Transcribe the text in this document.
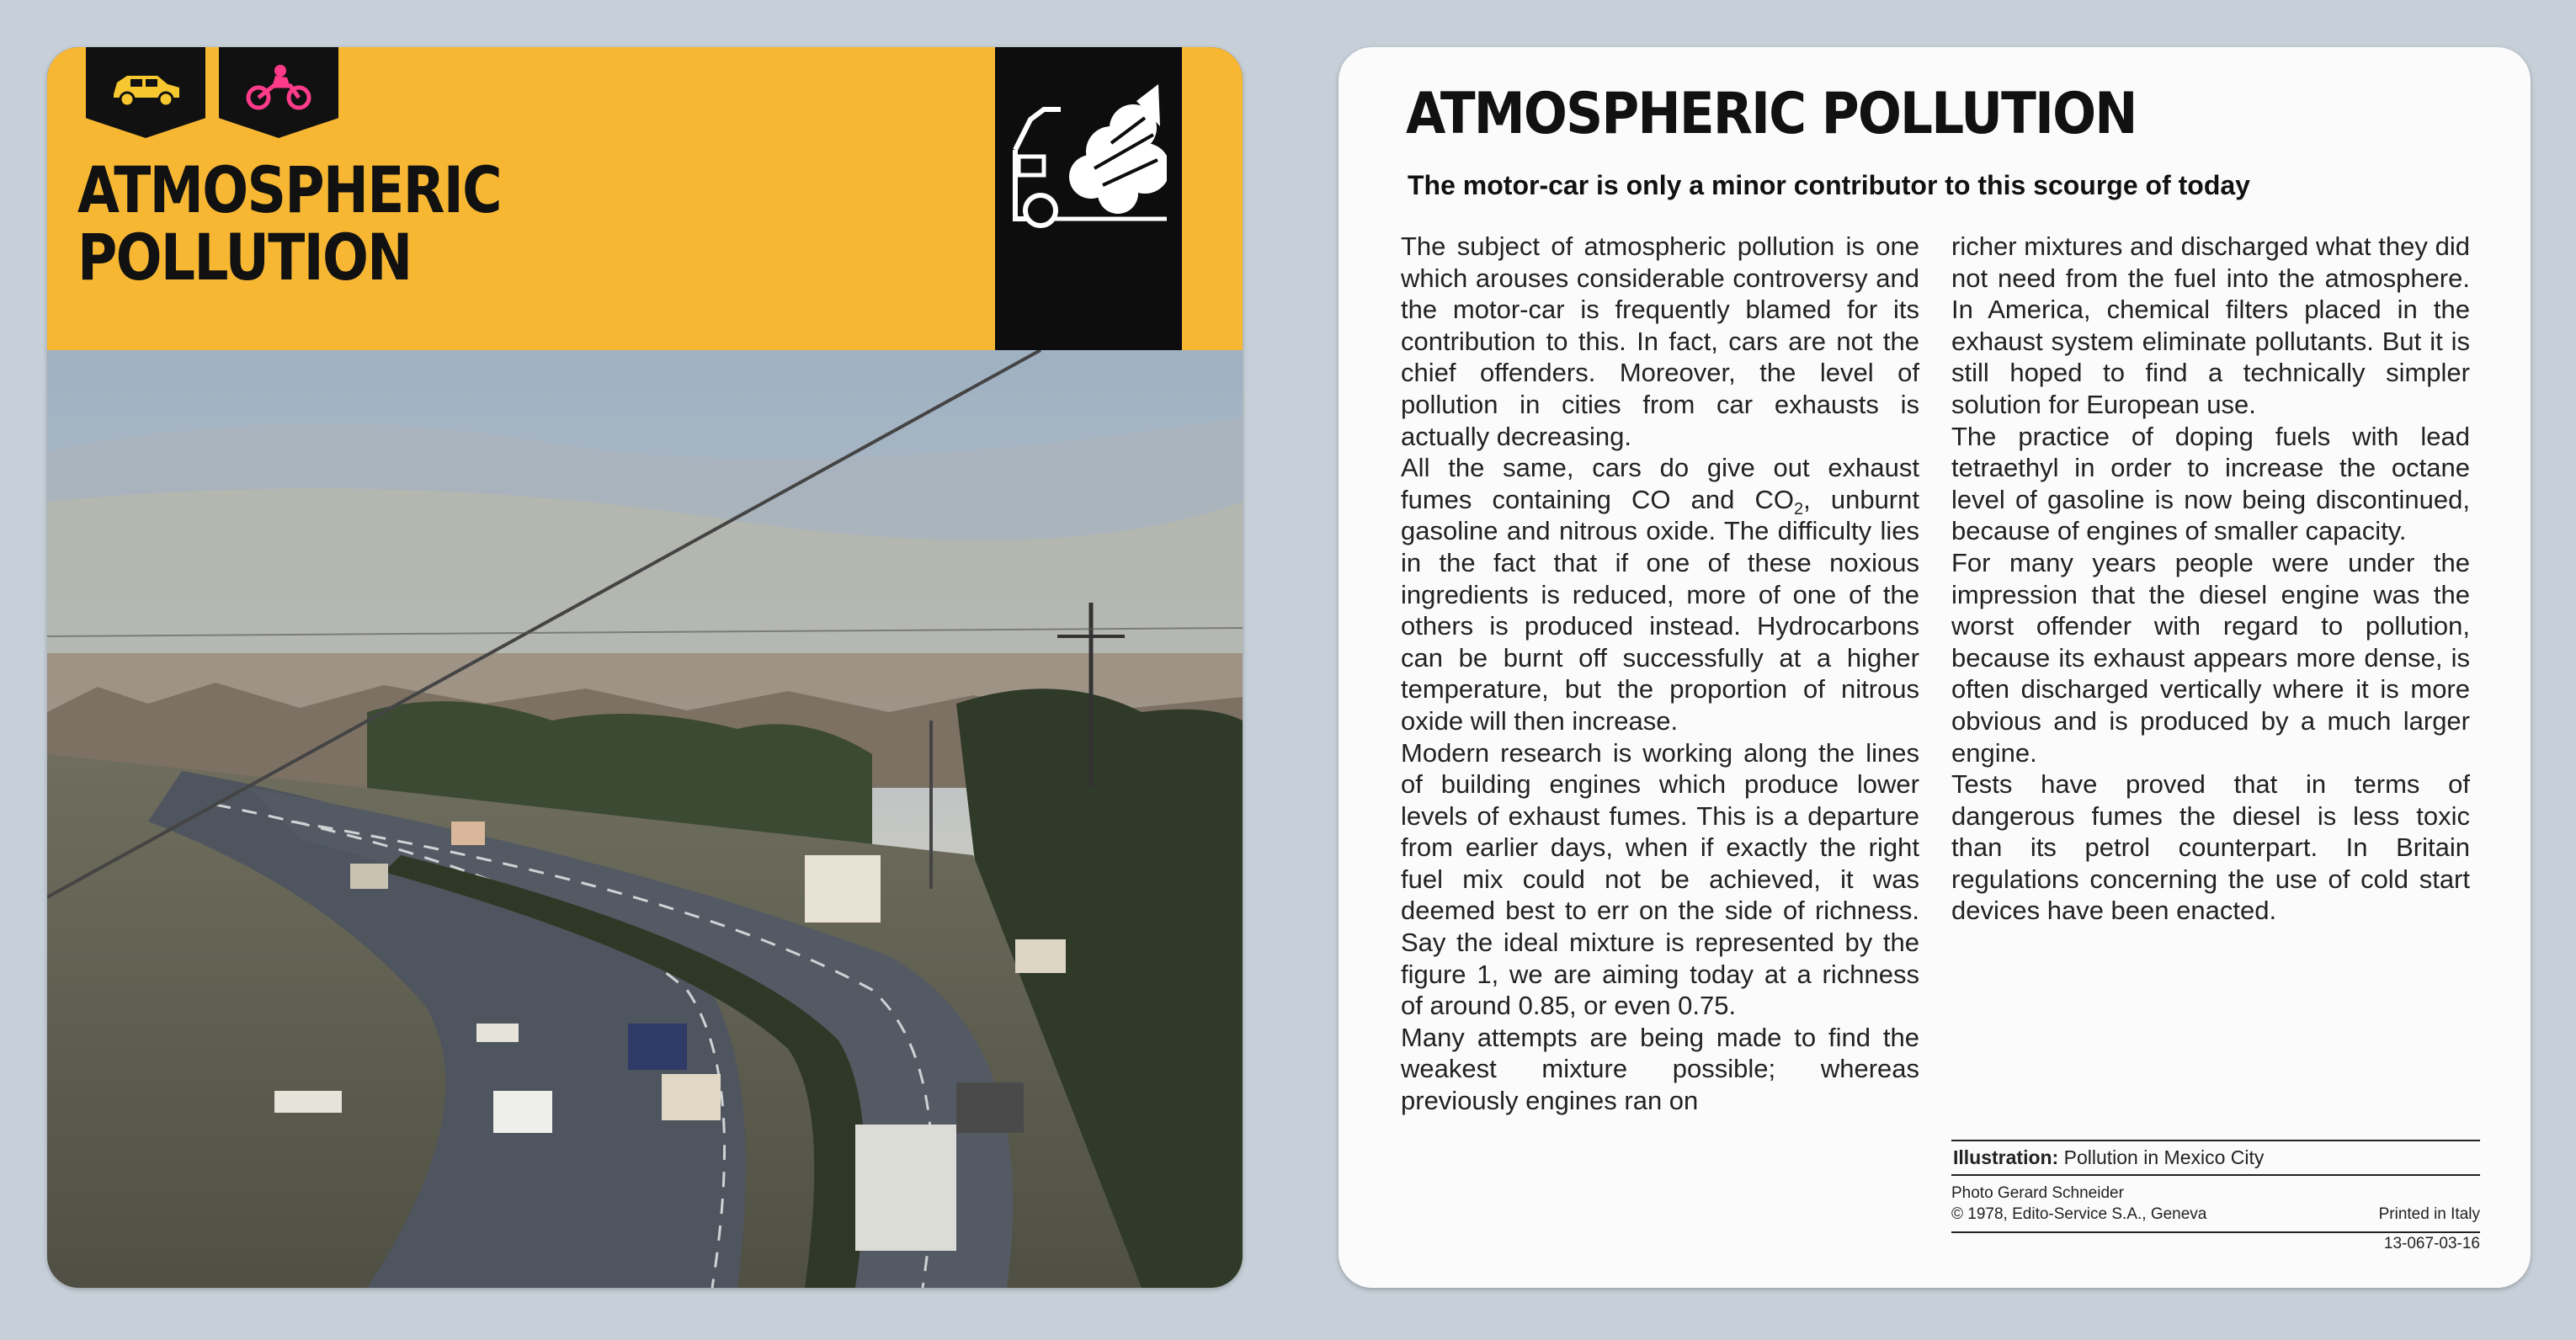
ATMOSPHERIC
POLLUTION
ATMOSPHERIC POLLUTION
The motor-car is only a minor contributor to this scourge of today

The subject of atmospheric pollution is one which arouses considerable controversy and the motor-car is frequently blamed for its contribution to this. In fact, cars are not the chief offenders. Moreover, the level of pollution in cities from car exhausts is actually decreasing.

All the same, cars do give out exhaust fumes containing CO and $CO_2$, unburnt gasoline and nitrous oxide. The difficulty lies in the fact that if one of these noxious ingredients is reduced, more of one of the others is produced instead. Hydrocarbons can be burnt off successfully at a higher temperature, but the proportion of nitrous oxide will then increase.

Modern research is working along the lines of building engines which produce lower levels of exhaust fumes. This is a departure from earlier days, when if exactly the right fuel mix could not be achieved, it was deemed best to err on the side of richness. Say the ideal mixture is represented by the figure 1, we are aiming today at a richness of around 0.85, or even 0.75.

Many attempts are being made to find the weakest mixture possible; whereas previously engines ran on

richer mixtures and discharged what they did not need from the fuel into the atmosphere. In America, chemical filters placed in the exhaust system eliminate pollutants. But it is still hoped to find a technically simpler solution for European use.

The practice of doping fuels with lead tetraethyl in order to increase the octane level of gasoline is now being discontinued, because of engines of smaller capacity.

For many years people were under the impression that the diesel engine was the worst offender with regard to pollution, because its exhaust appears more dense, is often discharged vertically where it is more obvious and is produced by a much larger engine.

Tests have proved that in terms of dangerous fumes the diesel is less toxic than its petrol counterpart. In Britain regulations concerning the use of cold start devices have been enacted.

Illustration: Pollution in Mexico City
Photo Gerard Schneider
© 1978, Edito-Service S.A., Geneva	Printed in Italy
13-067-03-16
